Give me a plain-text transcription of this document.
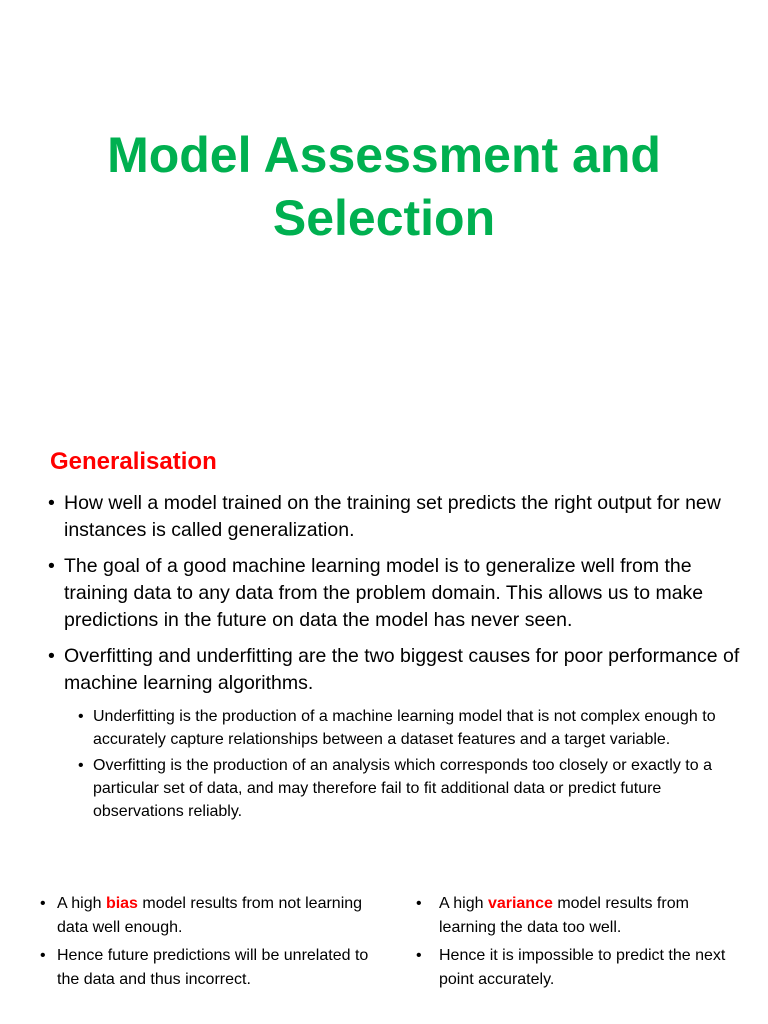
Model Assessment and Selection
Generalisation
• How well a model trained on the training set predicts the right output for new instances is called generalization.
• The goal of a good machine learning model is to generalize well from the training data to any data from the problem domain. This allows us to make predictions in the future on data the model has never seen.
• Overfitting and underfitting are the two biggest causes for poor performance of machine learning algorithms.
• Underfitting is the production of a machine learning model that is not complex enough to accurately capture relationships between a dataset features and a target variable.
• Overfitting is the production of an analysis which corresponds too closely or exactly to a particular set of data, and may therefore fail to fit additional data or predict future observations reliably.
• A high bias model results from not learning data well enough.
• Hence future predictions will be unrelated to the data and thus incorrect.
• A high variance model results from learning the data too well.
• Hence it is impossible to predict the next point accurately.
